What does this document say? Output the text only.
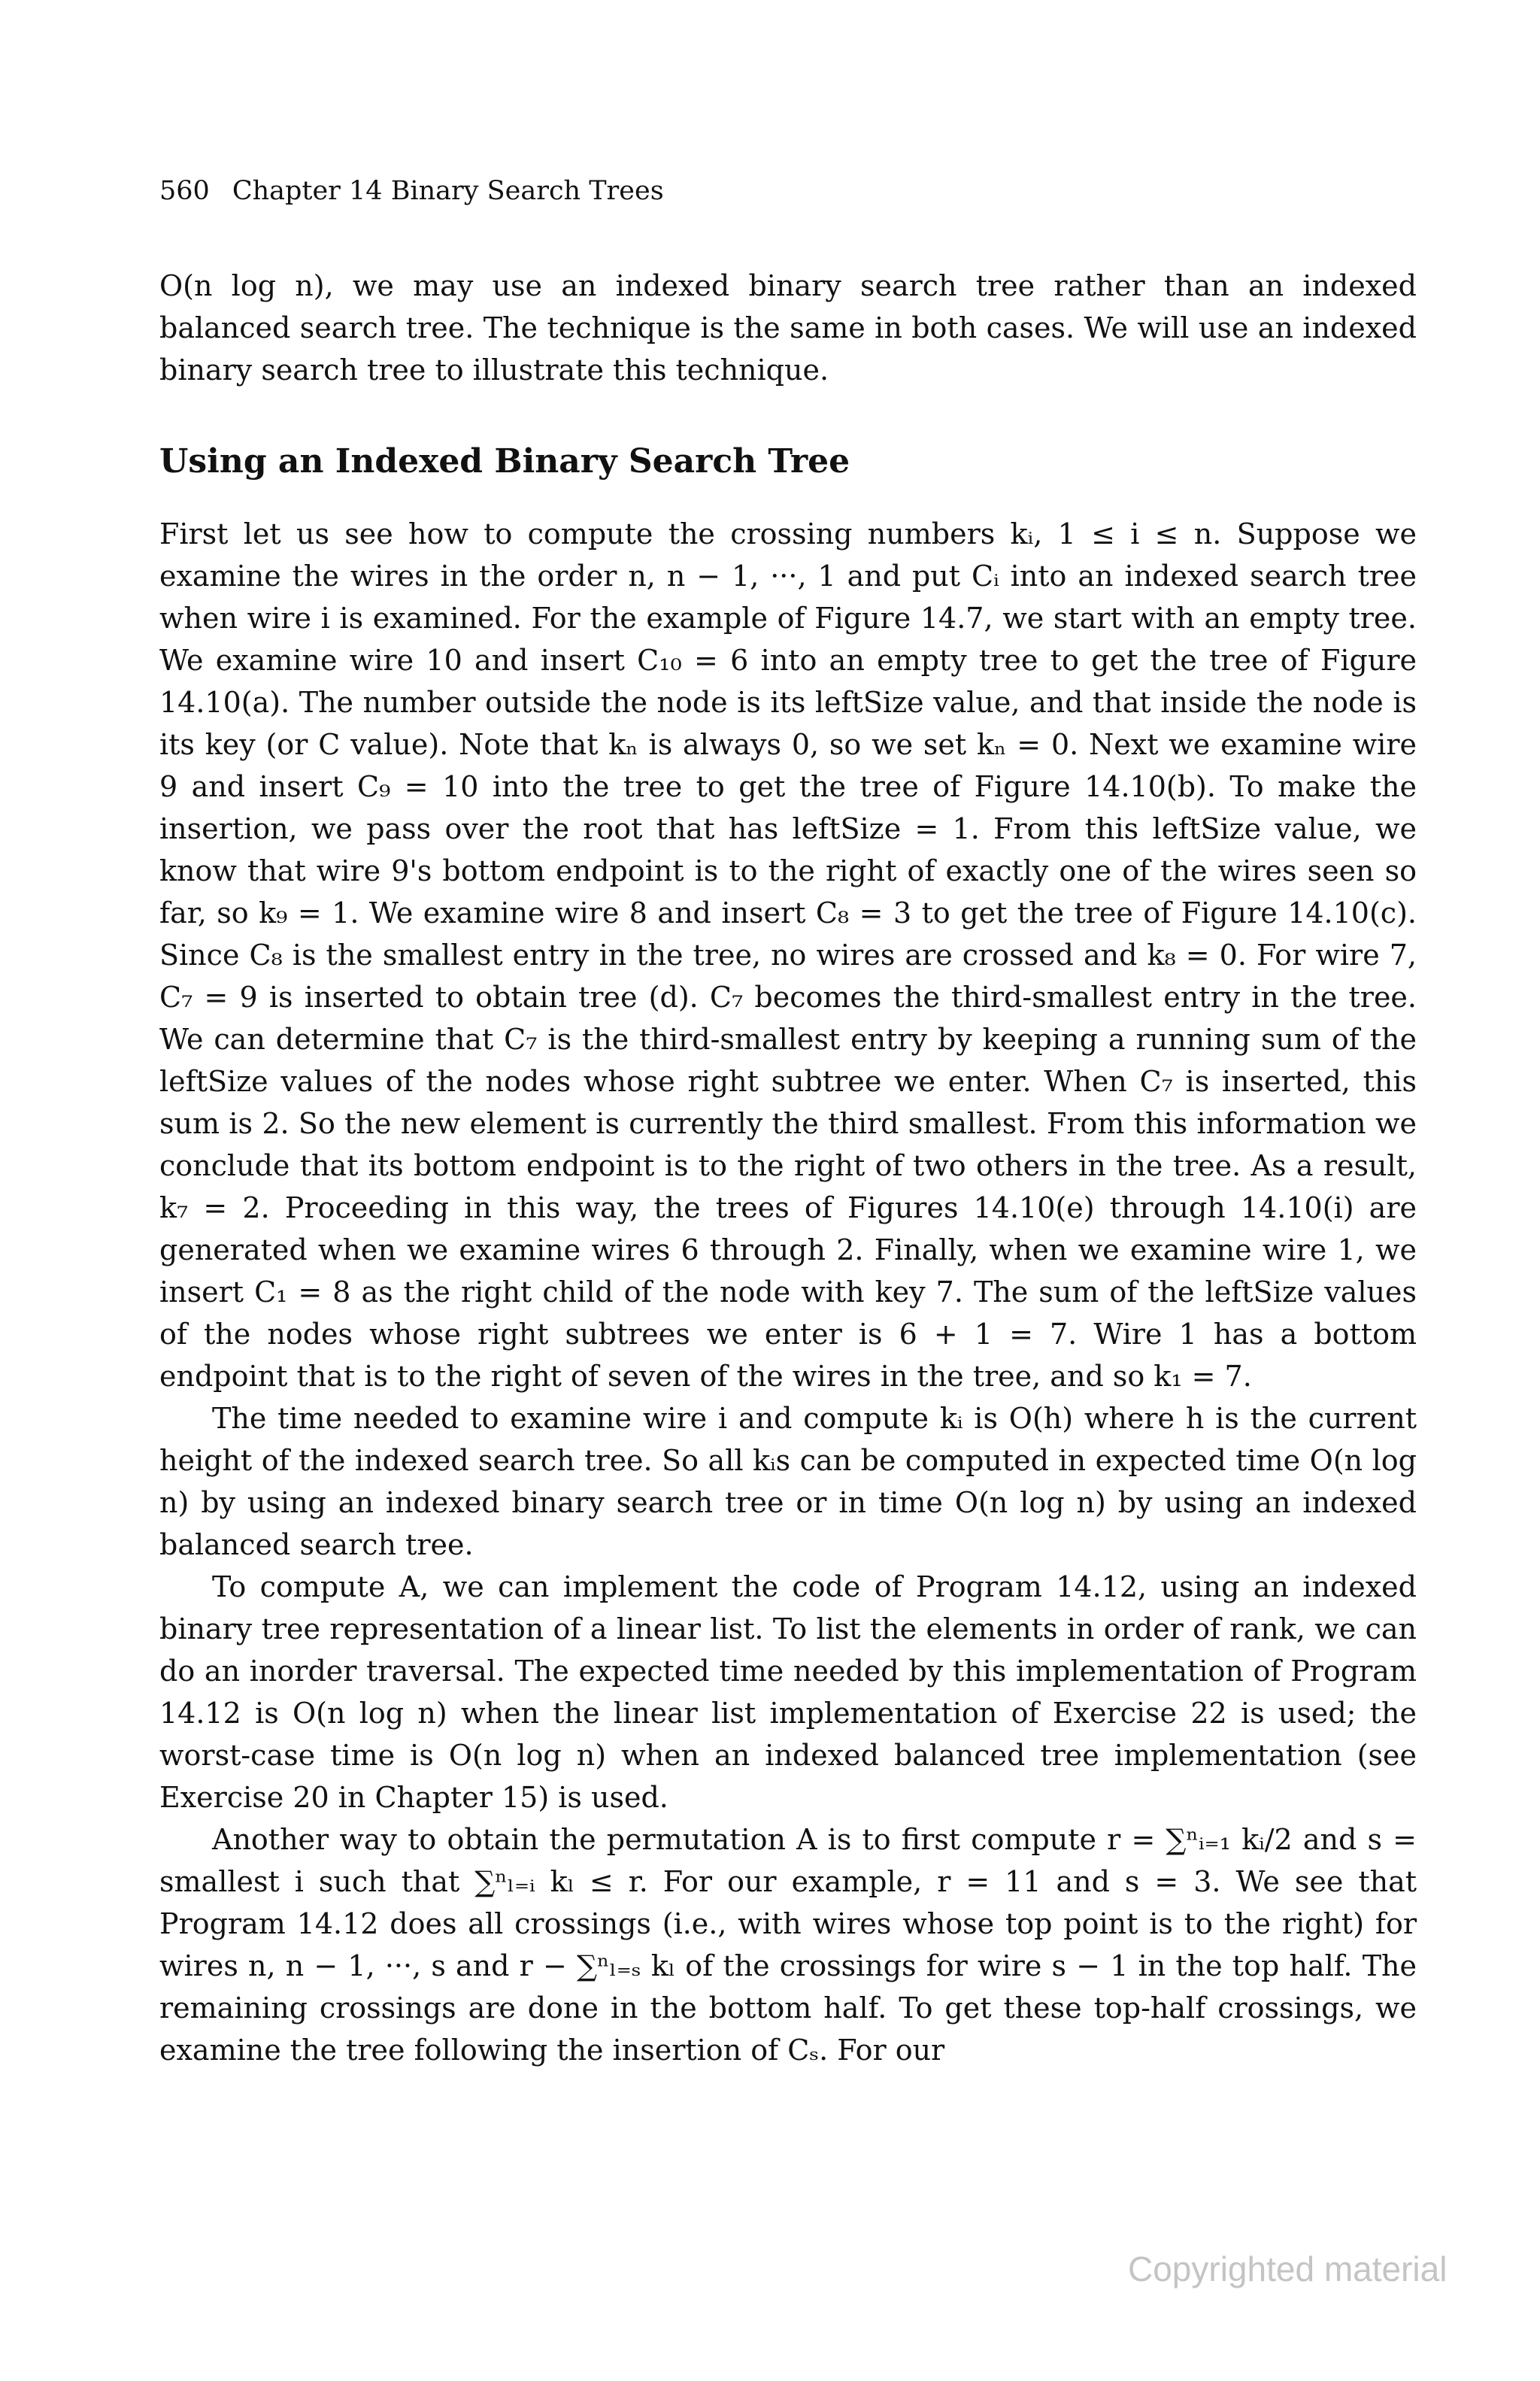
560 Chapter 14 Binary Search Trees

O(n log n), we may use an indexed binary search tree rather than an indexed balanced search tree. The technique is the same in both cases. We will use an indexed binary search tree to illustrate this technique.

Using an Indexed Binary Search Tree

First let us see how to compute the crossing numbers kᵢ, 1 ≤ i ≤ n. Suppose we examine the wires in the order n, n − 1, ···, 1 and put Cᵢ into an indexed search tree when wire i is examined. For the example of Figure 14.7, we start with an empty tree. We examine wire 10 and insert C₁₀ = 6 into an empty tree to get the tree of Figure 14.10(a). The number outside the node is its leftSize value, and that inside the node is its key (or C value). Note that kₙ is always 0, so we set kₙ = 0. Next we examine wire 9 and insert C₉ = 10 into the tree to get the tree of Figure 14.10(b). To make the insertion, we pass over the root that has leftSize = 1. From this leftSize value, we know that wire 9's bottom endpoint is to the right of exactly one of the wires seen so far, so k₉ = 1. We examine wire 8 and insert C₈ = 3 to get the tree of Figure 14.10(c). Since C₈ is the smallest entry in the tree, no wires are crossed and k₈ = 0. For wire 7, C₇ = 9 is inserted to obtain tree (d). C₇ becomes the third-smallest entry in the tree. We can determine that C₇ is the third-smallest entry by keeping a running sum of the leftSize values of the nodes whose right subtree we enter. When C₇ is inserted, this sum is 2. So the new element is currently the third smallest. From this information we conclude that its bottom endpoint is to the right of two others in the tree. As a result, k₇ = 2. Proceeding in this way, the trees of Figures 14.10(e) through 14.10(i) are generated when we examine wires 6 through 2. Finally, when we examine wire 1, we insert C₁ = 8 as the right child of the node with key 7. The sum of the leftSize values of the nodes whose right subtrees we enter is 6 + 1 = 7. Wire 1 has a bottom endpoint that is to the right of seven of the wires in the tree, and so k₁ = 7.

The time needed to examine wire i and compute kᵢ is O(h) where h is the current height of the indexed search tree. So all kᵢs can be computed in expected time O(n log n) by using an indexed binary search tree or in time O(n log n) by using an indexed balanced search tree.

To compute A, we can implement the code of Program 14.12, using an indexed binary tree representation of a linear list. To list the elements in order of rank, we can do an inorder traversal. The expected time needed by this implementation of Program 14.12 is O(n log n) when the linear list implementation of Exercise 22 is used; the worst-case time is O(n log n) when an indexed balanced tree implementation (see Exercise 20 in Chapter 15) is used.

Another way to obtain the permutation A is to first compute r = ∑ⁿᵢ₌₁ kᵢ/2 and s = smallest i such that ∑ⁿₗ₌ᵢ kₗ ≤ r. For our example, r = 11 and s = 3. We see that Program 14.12 does all crossings (i.e., with wires whose top point is to the right) for wires n, n − 1, ···, s and r − ∑ⁿₗ₌ₛ kₗ of the crossings for wire s − 1 in the top half. The remaining crossings are done in the bottom half. To get these top-half crossings, we examine the tree following the insertion of Cₛ. For our

Copyrighted material
